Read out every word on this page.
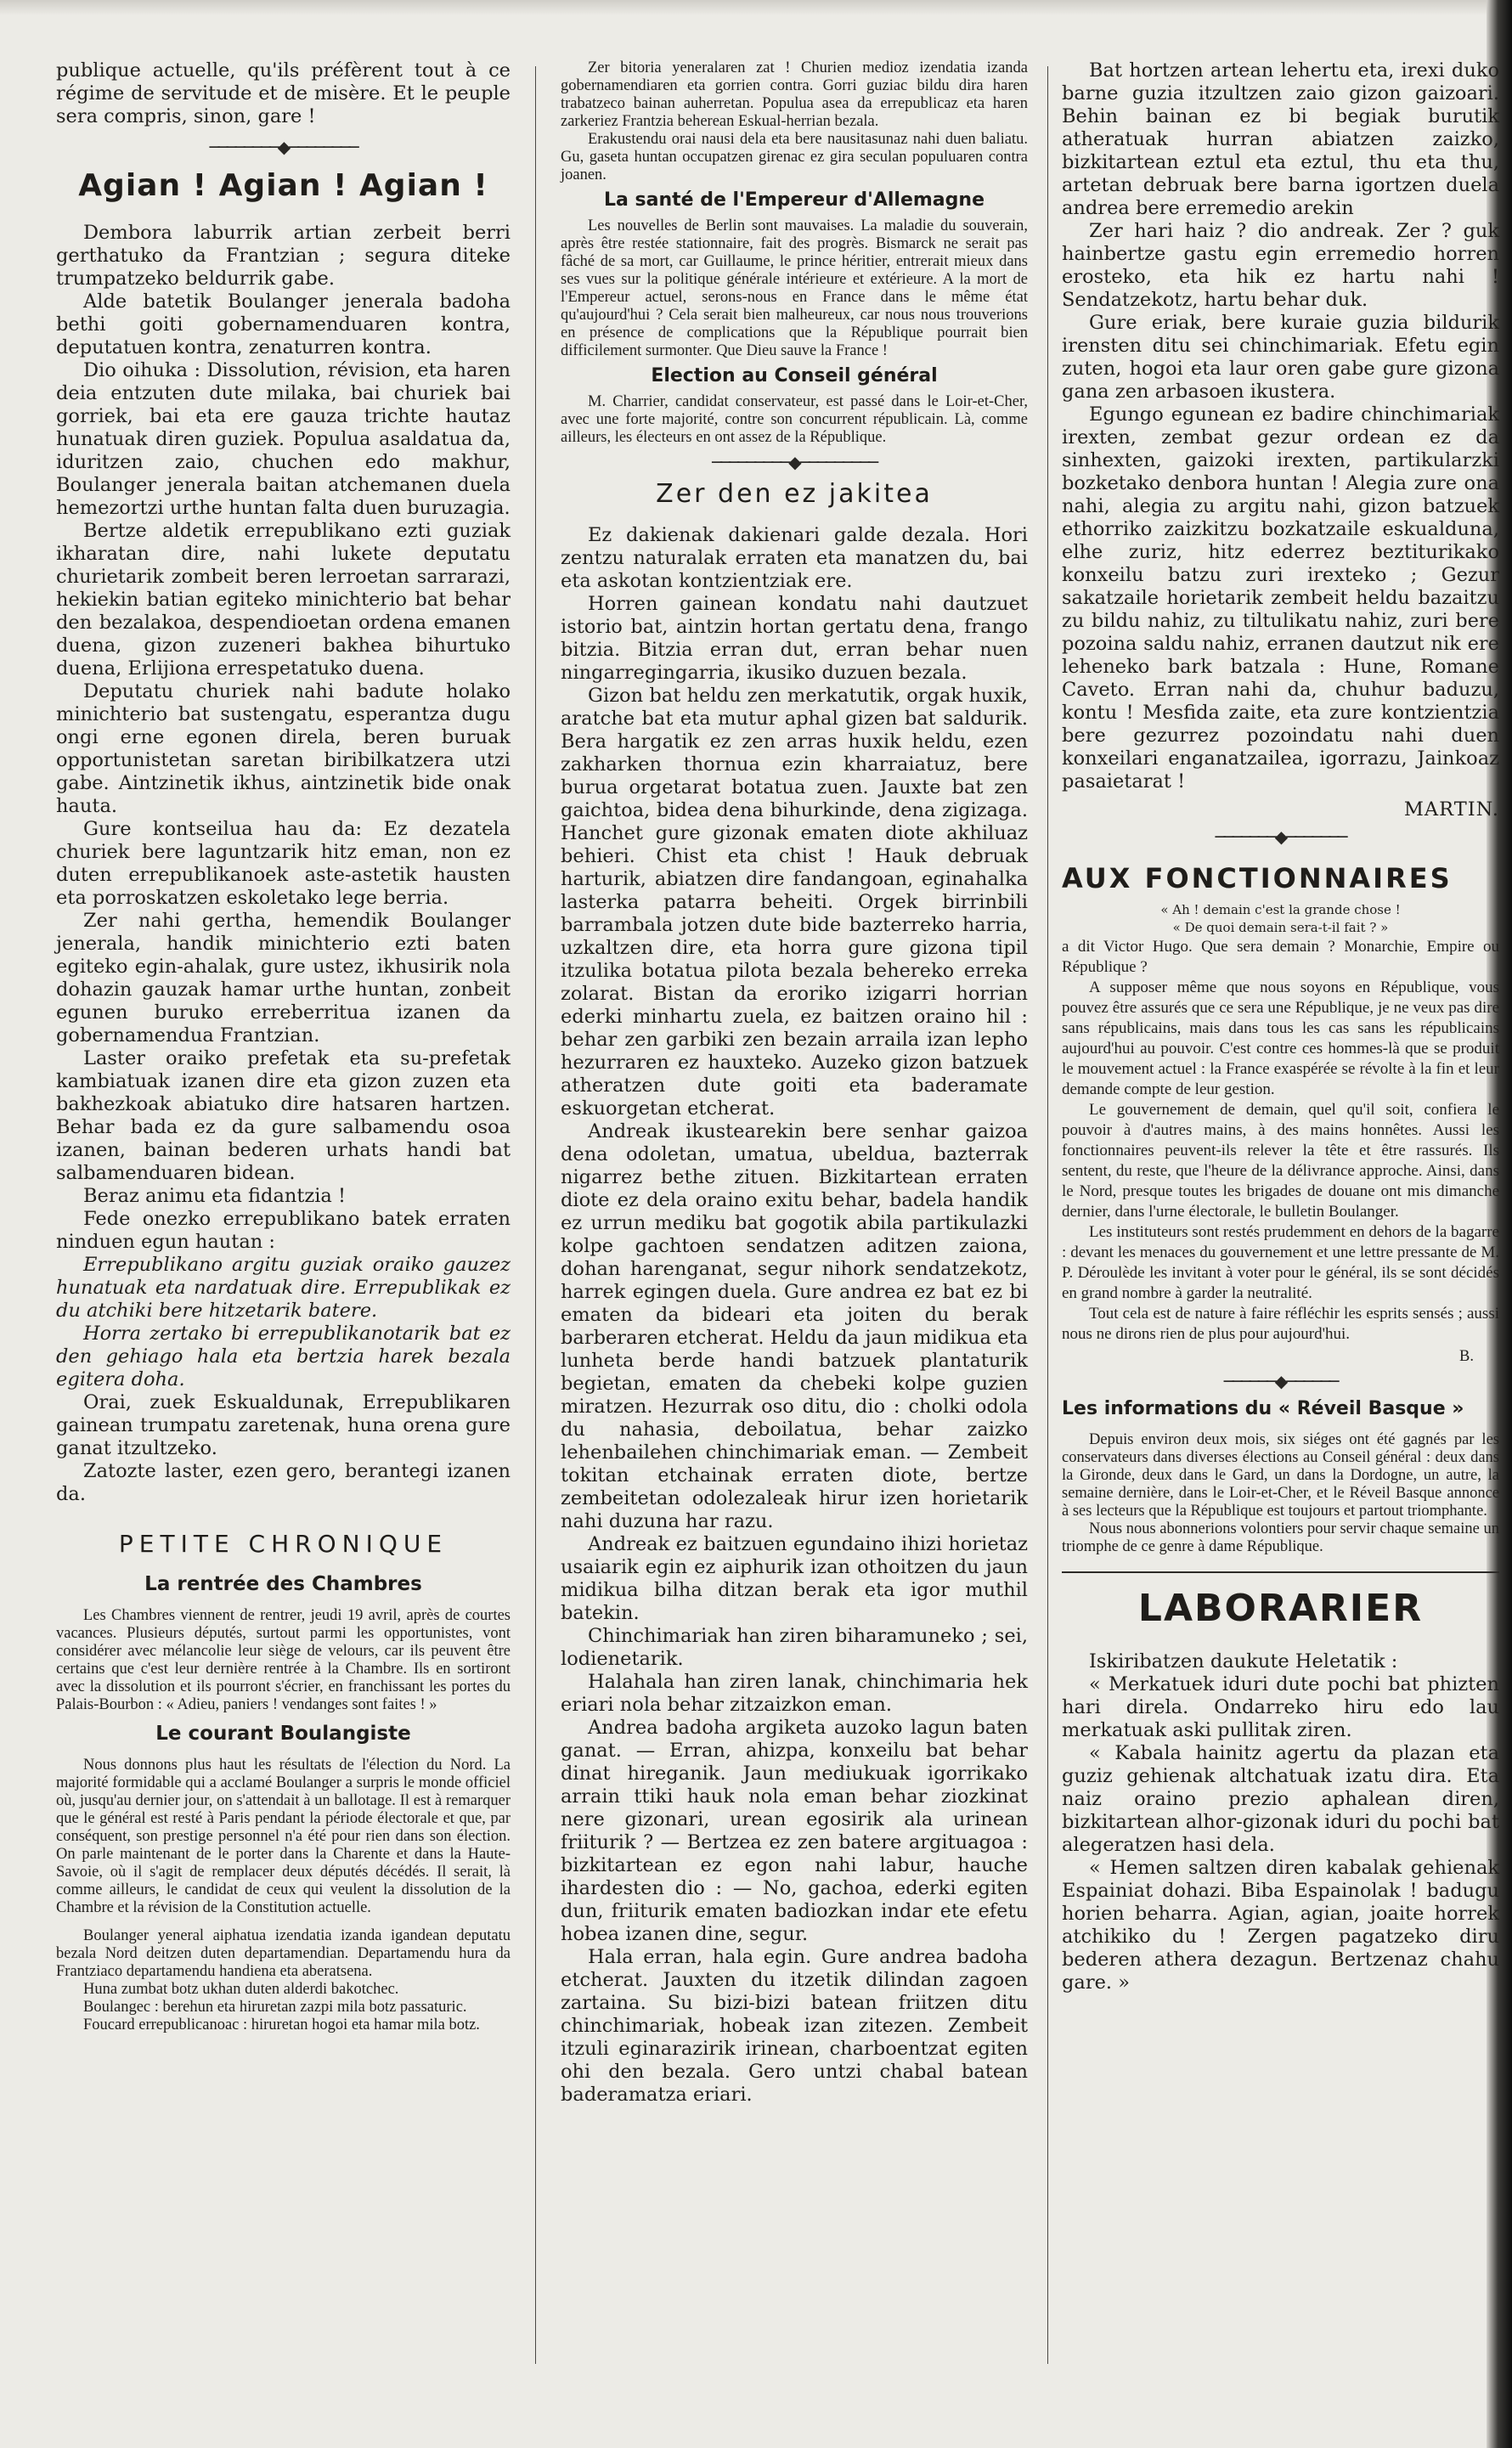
publique actuelle, qu'ils préfèrent tout à ce régime de servitude et de misère. Et le peuple sera compris, sinon, gare !

────────◆────────
Agian ! Agian ! Agian !

Dembora laburrik artian zerbeit berri gerthatuko da Frantzian ; segura diteke trumpatzeko beldurrik gabe.

Alde batetik Boulanger jenerala badoha bethi goiti gobernamenduaren kontra, deputatuen kontra, zenaturren kontra.

Dio oihuka : Dissolution, révision, eta haren deia entzuten dute milaka, bai churiek bai gorriek, bai eta ere gauza trichte hautaz hunatuak diren guziek. Populua asaldatua da, iduritzen zaio, chuchen edo makhur, Boulanger jenerala baitan atchemanen duela hemezortzi urthe huntan falta duen buruzagia.

Bertze aldetik errepublikano ezti guziak ikharatan dire, nahi lukete deputatu churietarik zombeit beren lerroetan sarrarazi, hekiekin batian egiteko minichterio bat behar den bezalakoa, despendioetan ordena emanen duena, gizon zuzeneri bakhea bihurtuko duena, Erlijiona errespetatuko duena.

Deputatu churiek nahi badute holako minichterio bat sustengatu, esperantza dugu ongi erne egonen direla, beren buruak opportunistetan saretan biribilkatzera utzi gabe. Aintzinetik ikhus, aintzinetik bide onak hauta.

Gure kontseilua hau da: Ez dezatela churiek bere laguntzarik hitz eman, non ez duten errepublikanoek aste-astetik hausten eta porroskatzen eskoletako lege berria.

Zer nahi gertha, hemendik Boulanger jenerala, handik minichterio ezti baten egiteko egin-ahalak, gure ustez, ikhusirik nola dohazin gauzak hamar urthe huntan, zonbeit egunen buruko erreberritua izanen da gobernamendua Frantzian.

Laster oraiko prefetak eta su-prefetak kambiatuak izanen dire eta gizon zuzen eta bakhezkoak abiatuko dire hatsaren hartzen. Behar bada ez da gure salbamendu osoa izanen, bainan bederen urhats handi bat salbamenduaren bidean.

Beraz animu eta fidantzia !

Fede onezko errepublikano batek erraten ninduen egun hautan :

Errepublikano argitu guziak oraiko gauzez hunatuak eta nardatuak dire. Errepublikak ez du atchiki bere hitzetarik batere.

Horra zertako bi errepublikanotarik bat ez den gehiago hala eta bertzia harek bezala egitera doha.

Orai, zuek Eskualdunak, Errepublikaren gainean trumpatu zaretenak, huna orena gure ganat itzultzeko.

Zatozte laster, ezen gero, berantegi izanen da.

PETITE CHRONIQUE
La rentrée des Chambres

Les Chambres viennent de rentrer, jeudi 19 avril, après de courtes vacances. Plusieurs députés, surtout parmi les opportunistes, vont considérer avec mélancolie leur siège de velours, car ils peuvent être certains que c'est leur dernière rentrée à la Chambre. Ils en sortiront avec la dissolution et ils pourront s'écrier, en franchissant les portes du Palais-Bourbon : « Adieu, paniers ! vendanges sont faites ! »

Le courant Boulangiste

Nous donnons plus haut les résultats de l'élection du Nord. La majorité formidable qui a acclamé Boulanger a surpris le monde officiel où, jusqu'au dernier jour, on s'attendait à un ballotage. Il est à remarquer que le général est resté à Paris pendant la période électorale et que, par conséquent, son prestige personnel n'a été pour rien dans son élection. On parle maintenant de le porter dans la Charente et dans la Haute-Savoie, où il s'agit de remplacer deux députés décédés. Il serait, là comme ailleurs, le candidat de ceux qui veulent la dissolution de la Chambre et la révision de la Constitution actuelle.

Boulanger yeneral aiphatua izendatia izanda igandean deputatu bezala Nord deitzen duten departamendian. Departamendu hura da Frantziaco departamendu handiena eta aberatsena.

Huna zumbat botz ukhan duten alderdi bakotchec.

Boulangec : berehun eta hiruretan zazpi mila botz passaturic.

Foucard errepublicanoac : hiruretan hogoi eta hamar mila botz.

Zer bitoria yeneralaren zat ! Churien medioz izendatia izanda gobernamendiaren eta gorrien contra. Gorri guziac bildu dira haren trabatzeco bainan auherretan. Populua asea da errepublicaz eta haren zarkeriez Frantzia beherean Eskual-herrian bezala.

Erakustendu orai nausi dela eta bere nausitasunaz nahi duen baliatu. Gu, gaseta huntan occupatzen girenac ez gira seculan populuaren contra joanen.

La santé de l'Empereur d'Allemagne

Les nouvelles de Berlin sont mauvaises. La maladie du souverain, après être restée stationnaire, fait des progrès. Bismarck ne serait pas fâché de sa mort, car Guillaume, le prince héritier, entrerait mieux dans ses vues sur la politique générale intérieure et extérieure. A la mort de l'Empereur actuel, serons-nous en France dans le même état qu'aujourd'hui ? Cela serait bien malheureux, car nous nous trouverions en présence de complications que la République pourrait bien difficilement surmonter. Que Dieu sauve la France !

Election au Conseil général

M. Charrier, candidat conservateur, est passé dans le Loir-et-Cher, avec une forte majorité, contre son concurrent républicain. Là, comme ailleurs, les électeurs en ont assez de la République.

─────────◆─────────
Zer den ez jakitea

Ez dakienak dakienari galde dezala. Hori zentzu naturalak erraten eta manatzen du, bai eta askotan kontzientziak ere.

Horren gainean kondatu nahi dautzuet istorio bat, aintzin hortan gertatu dena, frango bitzia. Bitzia erran dut, erran behar nuen ningarregingarria, ikusiko duzuen bezala.

Gizon bat heldu zen merkatutik, orgak huxik, aratche bat eta mutur aphal gizen bat saldurik. Bera hargatik ez zen arras huxik heldu, ezen zakharken thornua ezin kharraiatuz, bere burua orgetarat botatua zuen. Jauxte bat zen gaichtoa, bidea dena bihurkinde, dena zigizaga. Hanchet gure gizonak ematen diote akhiluaz behieri. Chist eta chist ! Hauk debruak harturik, abiatzen dire fandangoan, eginahalka lasterka patarra beheiti. Orgek birrinbili barrambala jotzen dute bide bazterreko harria, uzkaltzen dire, eta horra gure gizona tipil itzulika botatua pilota bezala behereko erreka zolarat. Bistan da eroriko izigarri horrian ederki minhartu zuela, ez baitzen oraino hil : behar zen garbiki zen bezain arraila izan lepho hezurraren ez hauxteko. Auzeko gizon batzuek atheratzen dute goiti eta baderamate eskuorgetan etcherat.

Andreak ikustearekin bere senhar gaizoa dena odoletan, umatua, ubeldua, bazterrak nigarrez bethe zituen. Bizkitartean erraten diote ez dela oraino exitu behar, badela handik ez urrun mediku bat gogotik abila partikulazki kolpe gachtoen sendatzen aditzen zaiona, dohan harenganat, segur nihork sendatzekotz, harrek egingen duela. Gure andrea ez bat ez bi ematen da bideari eta joiten du berak barberaren etcherat. Heldu da jaun midikua eta lunheta berde handi batzuek plantaturik begietan, ematen da chebeki kolpe guzien miratzen. Hezurrak oso ditu, dio : cholki odola du nahasia, deboilatua, behar zaizko lehenbailehen chinchimariak eman. — Zembeit tokitan etchainak erraten diote, bertze zembeitetan odolezaleak hirur izen horietarik nahi duzuna har razu.

Andreak ez baitzuen egundaino ihizi horietaz usaiarik egin ez aiphurik izan othoitzen du jaun midikua bilha ditzan berak eta igor muthil batekin.

Chinchimariak han ziren biharamuneko ; sei, lodienetarik.

Halahala han ziren lanak, chinchimaria hek eriari nola behar zitzaizkon eman.

Andrea badoha argiketa auzoko lagun baten ganat. — Erran, ahizpa, konxeilu bat behar dinat hireganik. Jaun mediukuak igorrikako arrain ttiki hauk nola eman behar ziozkinat nere gizonari, urean egosirik ala urinean friiturik ? — Bertzea ez zen batere argituagoa : bizkitartean ez egon nahi labur, hauche ihardesten dio : — No, gachoa, ederki egiten dun, friiturik ematen badiozkan indar ete efetu hobea izanen dine, segur.

Hala erran, hala egin. Gure andrea badoha etcherat. Jauxten du itzetik dilindan zagoen zartaina. Su bizi-bizi batean friitzen ditu chinchimariak, hobeak izan zitezen. Zembeit itzuli eginarazirik irinean, charboentzat egiten ohi den bezala. Gero untzi chabal batean baderamatza eriari.

Bat hortzen artean lehertu eta, irexi duko barne guzia itzultzen zaio gizon gaizoari. Behin bainan ez bi begiak burutik atheratuak hurran abiatzen zaizko, bizkitartean eztul eta eztul, thu eta thu, artetan debruak bere barna igortzen duela andrea bere erremedio arekin

Zer hari haiz ? dio andreak. Zer ? guk hainbertze gastu egin erremedio horren erosteko, eta hik ez hartu nahi ! Sendatzekotz, hartu behar duk.

Gure eriak, bere kuraie guzia bildurik irensten ditu sei chinchimariak. Efetu egin zuten, hogoi eta laur oren gabe gure gizona gana zen arbasoen ikustera.

Egungo egunean ez badire chinchimariak irexten, zembat gezur ordean ez da sinhexten, gaizoki irexten, partikularzki bozketako denbora huntan ! Alegia zure ona nahi, alegia zu argitu nahi, gizon batzuek ethorriko zaizkitzu bozkatzaile eskualduna, elhe zuriz, hitz ederrez beztiturikako konxeilu batzu zuri irexteko ; Gezur sakatzaile horietarik zembeit heldu bazaitzu zu bildu nahiz, zu tiltulikatu nahiz, zuri bere pozoina saldu nahiz, erranen dautzut nik ere leheneko bark batzala : Hune, Romane Caveto. Erran nahi da, chuhur baduzu, kontu ! Mesfida zaite, eta zure kontzientzia bere gezurrez pozoindatu nahi duen konxeilari enganatzailea, igorrazu, Jainkoaz pasaietarat !

MARTIN.

───────◆───────
AUX FONCTIONNAIRES
« Ah ! demain c'est la grande chose !
« De quoi demain sera-t-il fait ? »

a dit Victor Hugo. Que sera demain ? Monarchie, Empire ou République ?

A supposer même que nous soyons en République, vous pouvez être assurés que ce sera une République, je ne veux pas dire sans républicains, mais dans tous les cas sans les républicains aujourd'hui au pouvoir. C'est contre ces hommes-là que se produit le mouvement actuel : la France exaspérée se révolte à la fin et leur demande compte de leur gestion.

Le gouvernement de demain, quel qu'il soit, confiera le pouvoir à d'autres mains, à des mains honnêtes. Aussi les fonctionnaires peuvent-ils relever la tête et être rassurés. Ils sentent, du reste, que l'heure de la délivrance approche. Ainsi, dans le Nord, presque toutes les brigades de douane ont mis dimanche dernier, dans l'urne électorale, le bulletin Boulanger.

Les instituteurs sont restés prudemment en dehors de la bagarre : devant les menaces du gouvernement et une lettre pressante de M. P. Déroulède les invitant à voter pour le général, ils se sont décidés en grand nombre à garder la neutralité.

Tout cela est de nature à faire réfléchir les esprits sensés ; aussi nous ne dirons rien de plus pour aujourd'hui.

B.
──────◆──────
Les informations du « Réveil Basque »

Depuis environ deux mois, six siéges ont été gagnés par les conservateurs dans diverses élections au Conseil général : deux dans la Gironde, deux dans le Gard, un dans la Dordogne, un autre, la semaine dernière, dans le Loir-et-Cher, et le Réveil Basque annonce à ses lecteurs que la République est toujours et partout triomphante.

Nous nous abonnerions volontiers pour servir chaque semaine un triomphe de ce genre à dame République.

LABORARIER

Iskiribatzen daukute Heletatik :

« Merkatuek iduri dute pochi bat phizten hari direla. Ondarreko hiru edo lau merkatuak aski pullitak ziren.

« Kabala hainitz agertu da plazan eta guziz gehienak altchatuak izatu dira. Eta naiz oraino prezio aphalean diren, bizkitartean alhor-gizonak iduri du pochi bat alegeratzen hasi dela.

« Hemen saltzen diren kabalak gehienak Espainiat dohazi. Biba Espainolak ! badugu horien beharra. Agian, agian, joaite horrek atchikiko du ! Zergen pagatzeko diru bederen athera dezagun. Bertzenaz chahu gare. »
